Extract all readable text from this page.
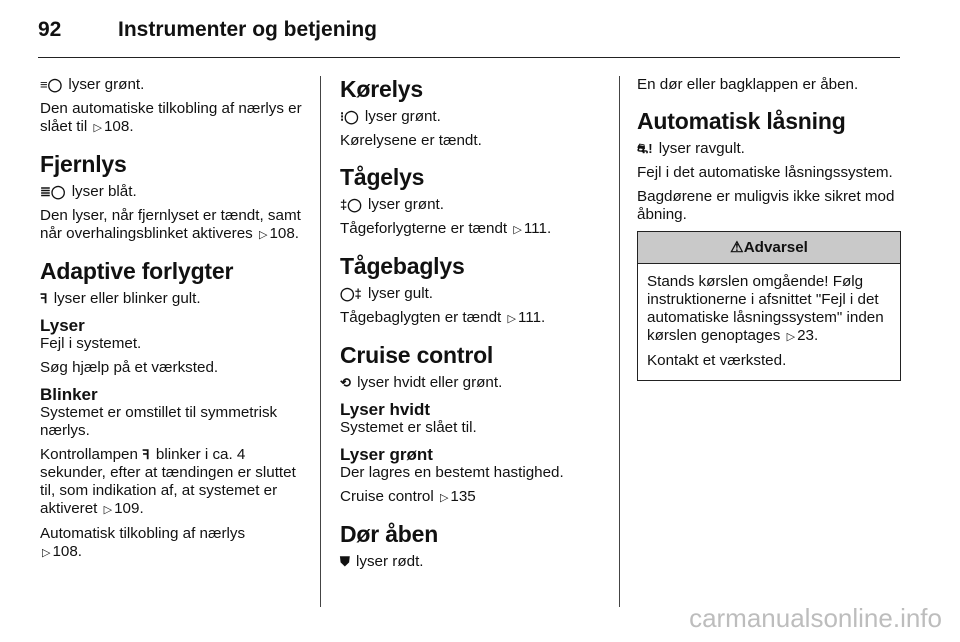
92	Instrumenter og betjening

≡◯ lyser grønt.

Den automatiske tilkobling af nærlys er slået til ▷ 108.

Fjernlys

≣◯ lyser blåt.

Den lyser, når fjernlyset er tændt, samt når overhalingsblinket aktiveres ▷ 108.

Adaptive forlygter

ꟻ lyser eller blinker gult.

Lyser

Fejl i systemet.

Søg hjælp på et værksted.

Blinker

Systemet er omstillet til symmetrisk nærlys.

Kontrollampen ꟻ blinker i ca. 4 sekunder, efter at tændingen er sluttet til, som indikation af, at systemet er aktiveret ▷ 109.

Automatisk tilkobling af nærlys
▷ 108.

Kørelys

⁝◯ lyser grønt.

Kørelysene er tændt.

Tågelys

‡◯ lyser grønt.

Tågeforlygterne er tændt ▷ 111.

Tågebaglys

◯‡ lyser gult.

Tågebaglygten er tændt ▷ 111.

Cruise control

⟲ lyser hvidt eller grønt.

Lyser hvidt

Systemet er slået til.

Lyser grønt

Der lagres en bestemt hastighed.

Cruise control ▷ 135

Dør åben

⛊ lyser rødt.

En dør eller bagklappen er åben.

Automatisk låsning

⛐! lyser ravgult.

Fejl i det automatiske låsningssystem.

Bagdørene er muligvis ikke sikret mod åbning.

⚠Advarsel

Stands kørslen omgående! Følg instruktionerne i afsnittet "Fejl i det automatiske låsningssystem" inden kørslen genoptages ▷ 23.

Kontakt et værksted.

carmanualsonline.info
